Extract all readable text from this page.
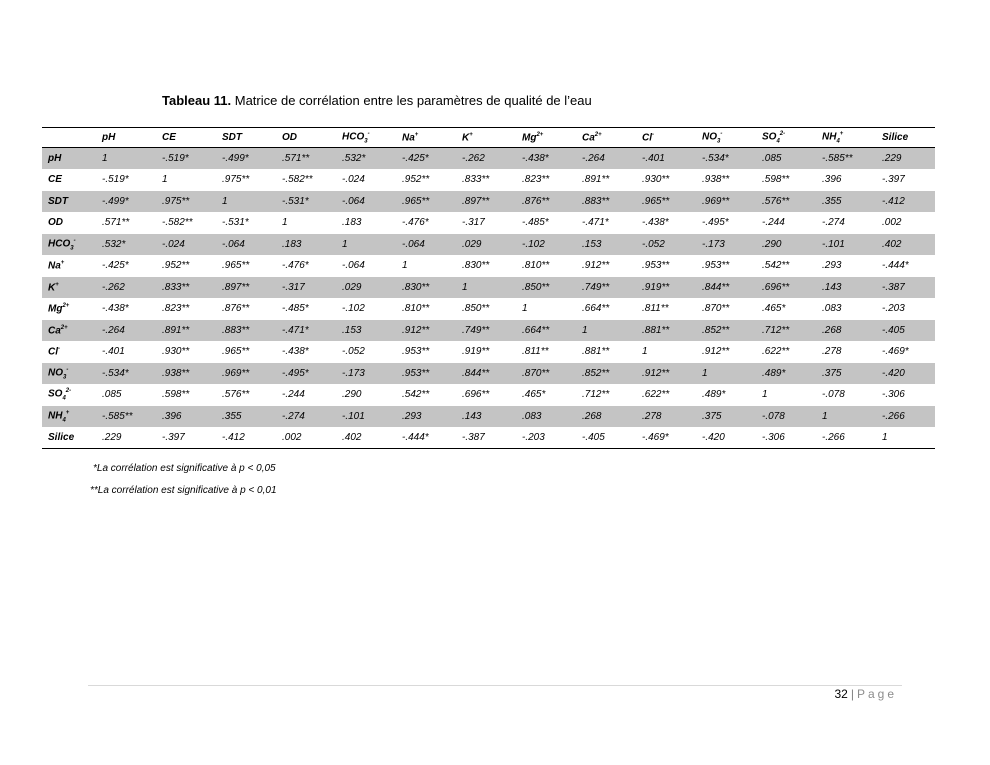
Tableau 11. Matrice de corrélation entre les paramètres de qualité de l’eau
	pH	CE	SDT	OD	$HCO_3^-$	Na+	K+	$Mg^{2+}$	$Ca^{2+}$	Cl-	$NO_3^-$	$SO_4^{2-}$	$NH_4^+$	Silice
pH	1	-.519*	-.499*	.571**	.532*	-.425*	-.262	-.438*	-.264	-.401	-.534*	.085	-.585**	.229
CE	-.519*	1	.975**	-.582**	-.024	.952**	.833**	.823**	.891**	.930**	.938**	.598**	.396	-.397
SDT	-.499*	.975**	1	-.531*	-.064	.965**	.897**	.876**	.883**	.965**	.969**	.576**	.355	-.412
OD	.571**	-.582**	-.531*	1	.183	-.476*	-.317	-.485*	-.471*	-.438*	-.495*	-.244	-.274	.002
$HCO_3^-$	.532*	-.024	-.064	.183	1	-.064	.029	-.102	.153	-.052	-.173	.290	-.101	.402
Na+	-.425*	.952**	.965**	-.476*	-.064	1	.830**	.810**	.912**	.953**	.953**	.542**	.293	-.444*
K+	-.262	.833**	.897**	-.317	.029	.830**	1	.850**	.749**	.919**	.844**	.696**	.143	-.387
$Mg^{2+}$	-.438*	.823**	.876**	-.485*	-.102	.810**	.850**	1	.664**	.811**	.870**	.465*	.083	-.203
$Ca^{2+}$	-.264	.891**	.883**	-.471*	.153	.912**	.749**	.664**	1	.881**	.852**	.712**	.268	-.405
Cl-	-.401	.930**	.965**	-.438*	-.052	.953**	.919**	.811**	.881**	1	.912**	.622**	.278	-.469*
$NO_3^-$	-.534*	.938**	.969**	-.495*	-.173	.953**	.844**	.870**	.852**	.912**	1	.489*	.375	-.420
$SO_4^{2-}$	.085	.598**	.576**	-.244	.290	.542**	.696**	.465*	.712**	.622**	.489*	1	-.078	-.306
$NH_4^+$	-.585**	.396	.355	-.274	-.101	.293	.143	.083	.268	.278	.375	-.078	1	-.266
Silice	.229	-.397	-.412	.002	.402	-.444*	-.387	-.203	-.405	-.469*	-.420	-.306	-.266	1
*La corrélation est significative à p < 0,05
**La corrélation est significative à p < 0,01
32 | Page
